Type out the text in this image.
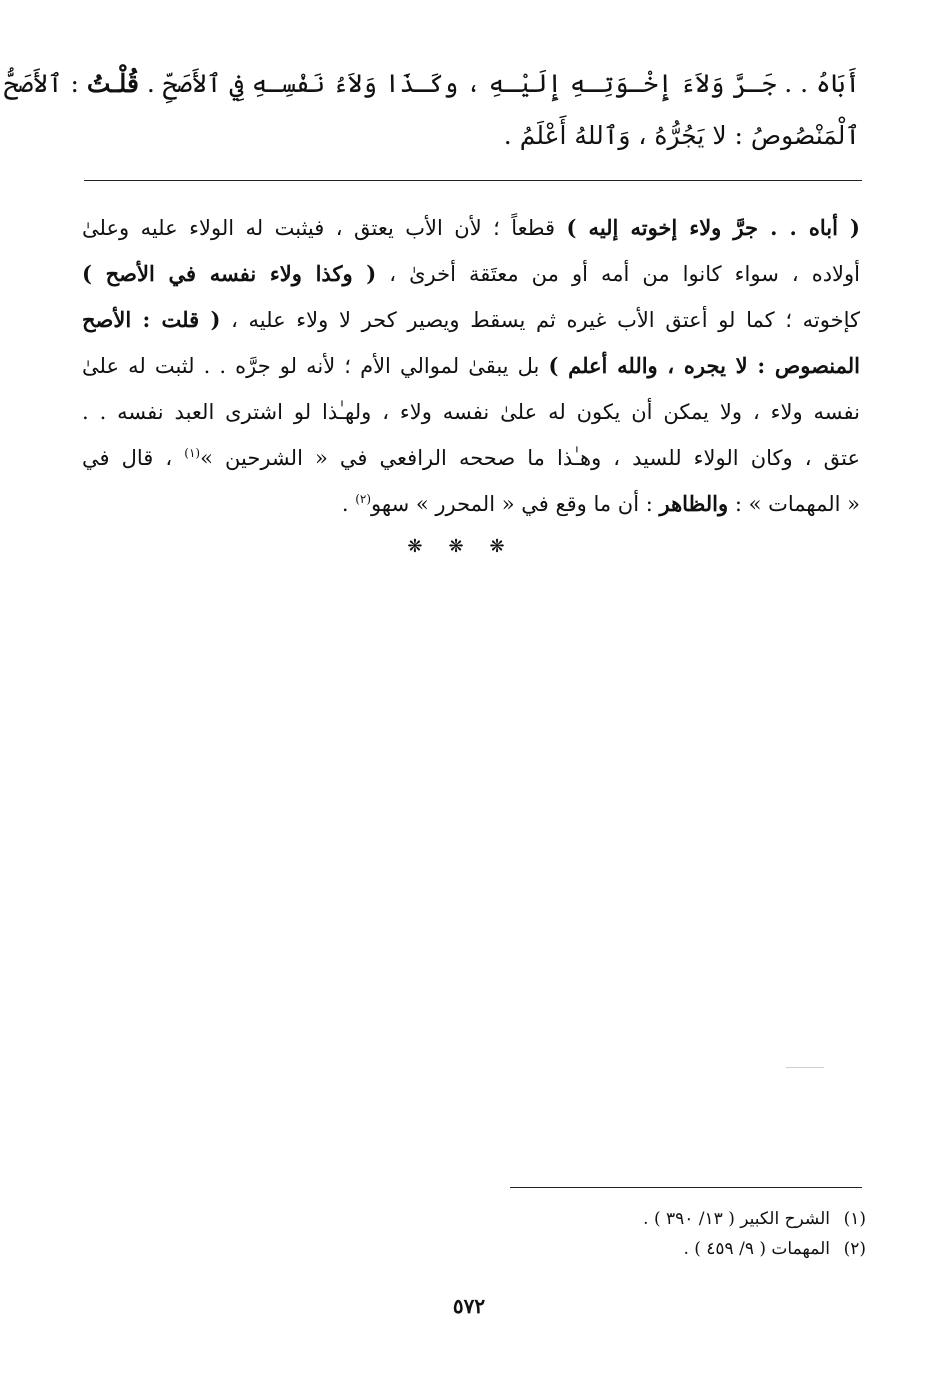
أَبَاهُ . . جَـرَّ وَلاَءَ إِخْـوَتِـهِ إِلَيْـهِ ، وكَـذَا وَلاَءُ نَفْسِـهِ فِي ٱلأَصَحِّ . قُلْـتُ : ٱلأَصَحُّ
ٱلْمَنْصُوصُ : لا يَجُرُّهُ ، وَٱللهُ أَعْلَمُ .
( أباه . . جرَّ ولاء إخوته إليه ) قطعاً ؛ لأن الأب يعتق ، فيثبت له الولاء عليه وعلىٰ
أولاده ، سواء كانوا من أمه أو من معتَقة أخرىٰ ، ( وكذا ولاء نفسه في الأصح )
كإخوته ؛ كما لو أعتق الأب غيره ثم يسقط ويصير كحر لا ولاء عليه ، ( قلت : الأصح
المنصوص : لا يجره ، والله أعلم ) بل يبقىٰ لموالي الأم ؛ لأنه لو جرَّه . . لثبت له علىٰ
نفسه ولاء ، ولا يمكن أن يكون له علىٰ نفسه ولاء ، ولهـٰذا لو اشترى العبد نفسه . .
عتق ، وكان الولاء للسيد ، وهـٰذا ما صححه الرافعي في « الشرحين »$^{(١)}$ ، قال في
« المهمات » : والظاهر : أن ما وقع في « المحرر » سهو$^{(٢)}$ .
❋❋❋
(١)الشرح الكبير ( ١٣/ ٣٩٠ ) .
(٢)المهمات ( ٩/ ٤٥٩ ) .
٥٧٢
